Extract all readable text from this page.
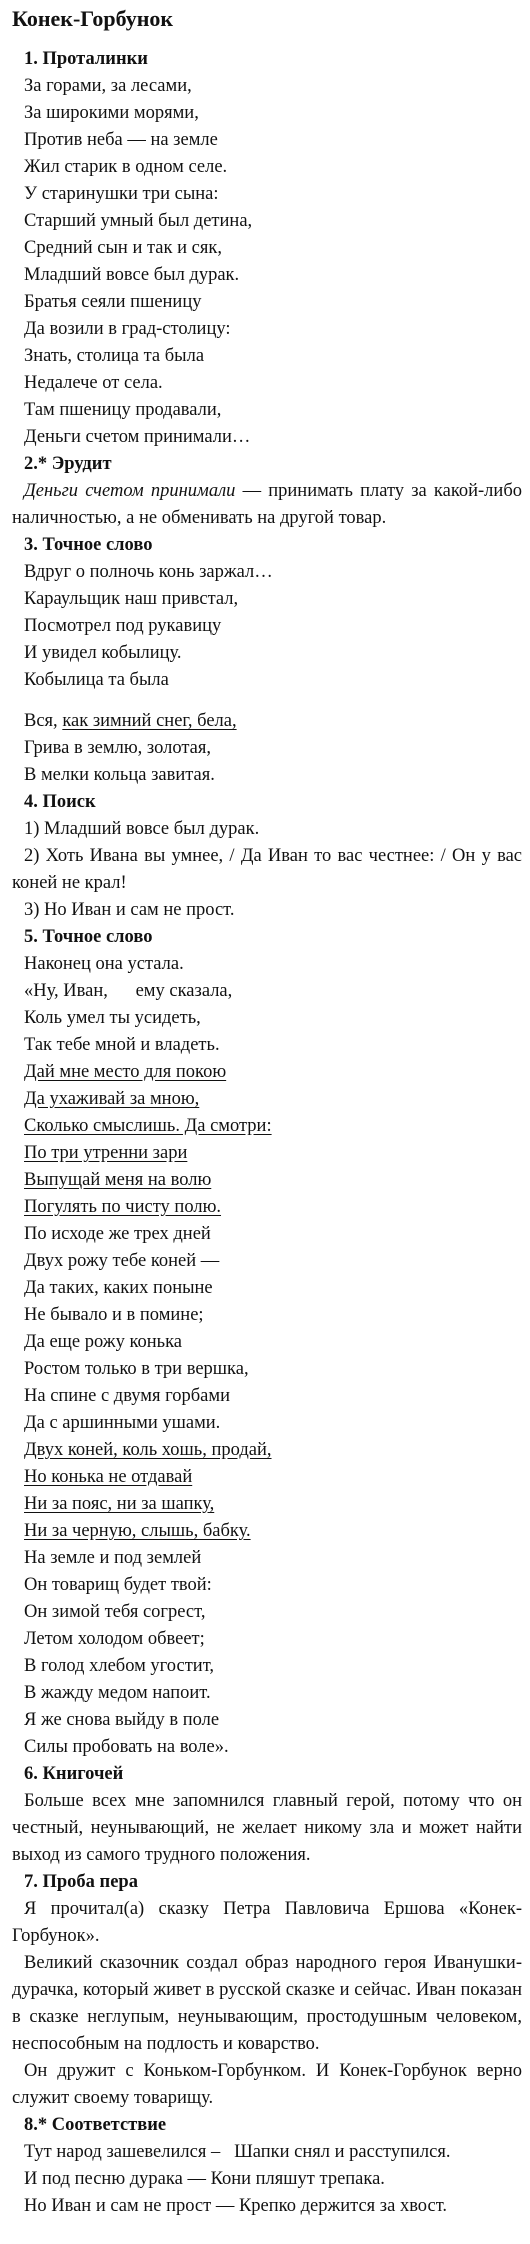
Конек-Горбунок
1. Проталинки
За горами, за лесами,
За широкими морями,
Против неба — на земле
Жил старик в одном селе.
У старинушки три сына:
Старший умный был детина,
Средний сын и так и сяк,
Младший вовсе был дурак.
Братья сеяли пшеницу
Да возили в град-столицу:
Знать, столица та была
Недалече от села.
Там пшеницу продавали,
Деньги счетом принимали…
2.* Эрудит

Деньги счетом принимали — принимать плату за какой-либо наличностью, а не обменивать на другой товар.

3. Точное слово
Вдруг о полночь конь заржал…
Караульщик наш привстал,
Посмотрел под рукавицу
И увидел кобылицу.
Кобылица та была
Вся, как зимний снег, бела,
Грива в землю, золотая,
В мелки кольца завитая.
4. Поиск

1) Младший вовсе был дурак.

2) Хоть Ивана вы умнее, / Да Иван то вас честнее: / Он у вас коней не крал!

3) Но Иван и сам не прост.

5. Точное слово
Наконец она устала.
«Ну, Иван,      ему сказала,
Коль умел ты усидеть,
Так тебе мной и владеть.
Дай мне место для покою
Да ухаживай за мною,
Сколько смыслишь. Да смотри:
По три утренни зари
Выпущай меня на волю
Погулять по чисту полю.
По исходе же трех дней
Двух рожу тебе коней —
Да таких, каких поныне
Не бывало и в помине;
Да еще рожу конька
Ростом только в три вершка,
На спине с двумя горбами
Да с аршинными ушами.
Двух коней, коль хошь, продай,
Но конька не отдавай
Ни за пояс, ни за шапку,
Ни за черную, слышь, бабку.
На земле и под землей
Он товарищ будет твой:
Он зимой тебя согрест,
Летом холодом обвеет;
В голод хлебом угостит,
В жажду медом напоит.
Я же снова выйду в поле
Силы пробовать на воле».
6. Книгочей

Больше всех мне запомнился главный герой, потому что он честный, неунывающий, не желает никому зла и может найти выход из самого трудного положения.

7. Проба пера

Я прочитал(а) сказку Петра Павловича Ершова «Конек-Горбунок».

Великий сказочник создал образ народного героя Иванушки-дурачка, который живет в русской сказке и сейчас. Иван показан в сказке неглупым, неунывающим, простодушным человеком, неспособным на подлость и коварство.

Он дружит с Коньком-Горбунком. И Конек-Горбунок верно служит своему товарищу.

8.* Соответствие
Тут народ зашевелился –   Шапки снял и расступился.
И под песню дурака — Кони пляшут трепака.
Но Иван и сам не прост — Крепко держится за хвост.
